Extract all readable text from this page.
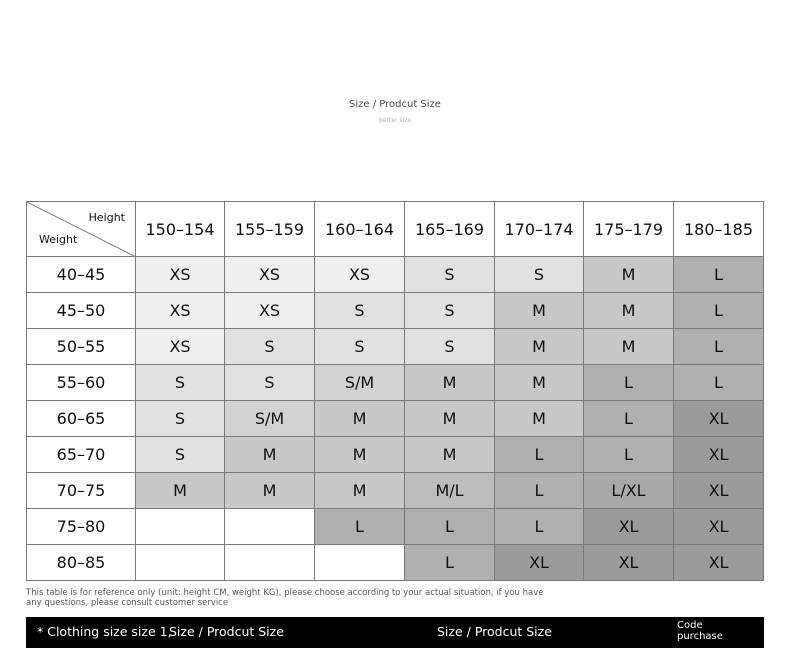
Size / Prodcut Size
better size
Height
Weight	150–154	155–159	160–164	165–169	170–174	175–179	180–185
40–45	XS	XS	XS	S	S	M	L
45–50	XS	XS	S	S	M	M	L
50–55	XS	S	S	S	M	M	L
55–60	S	S	S/M	M	M	L	L
60–65	S	S/M	M	M	M	L	XL
65–70	S	M	M	M	L	L	XL
70–75	M	M	M	M/L	L	L/XL	XL
75–80			L	L	L	XL	XL
80–85				L	XL	XL	XL
This table is for reference only (unit: height CM, weight KG), please choose according to your actual situation, if you have any questions, please consult customer service
* Clothing size size 1,
Size / Prodcut Size	Size / Prodcut Size	Code
purchase
